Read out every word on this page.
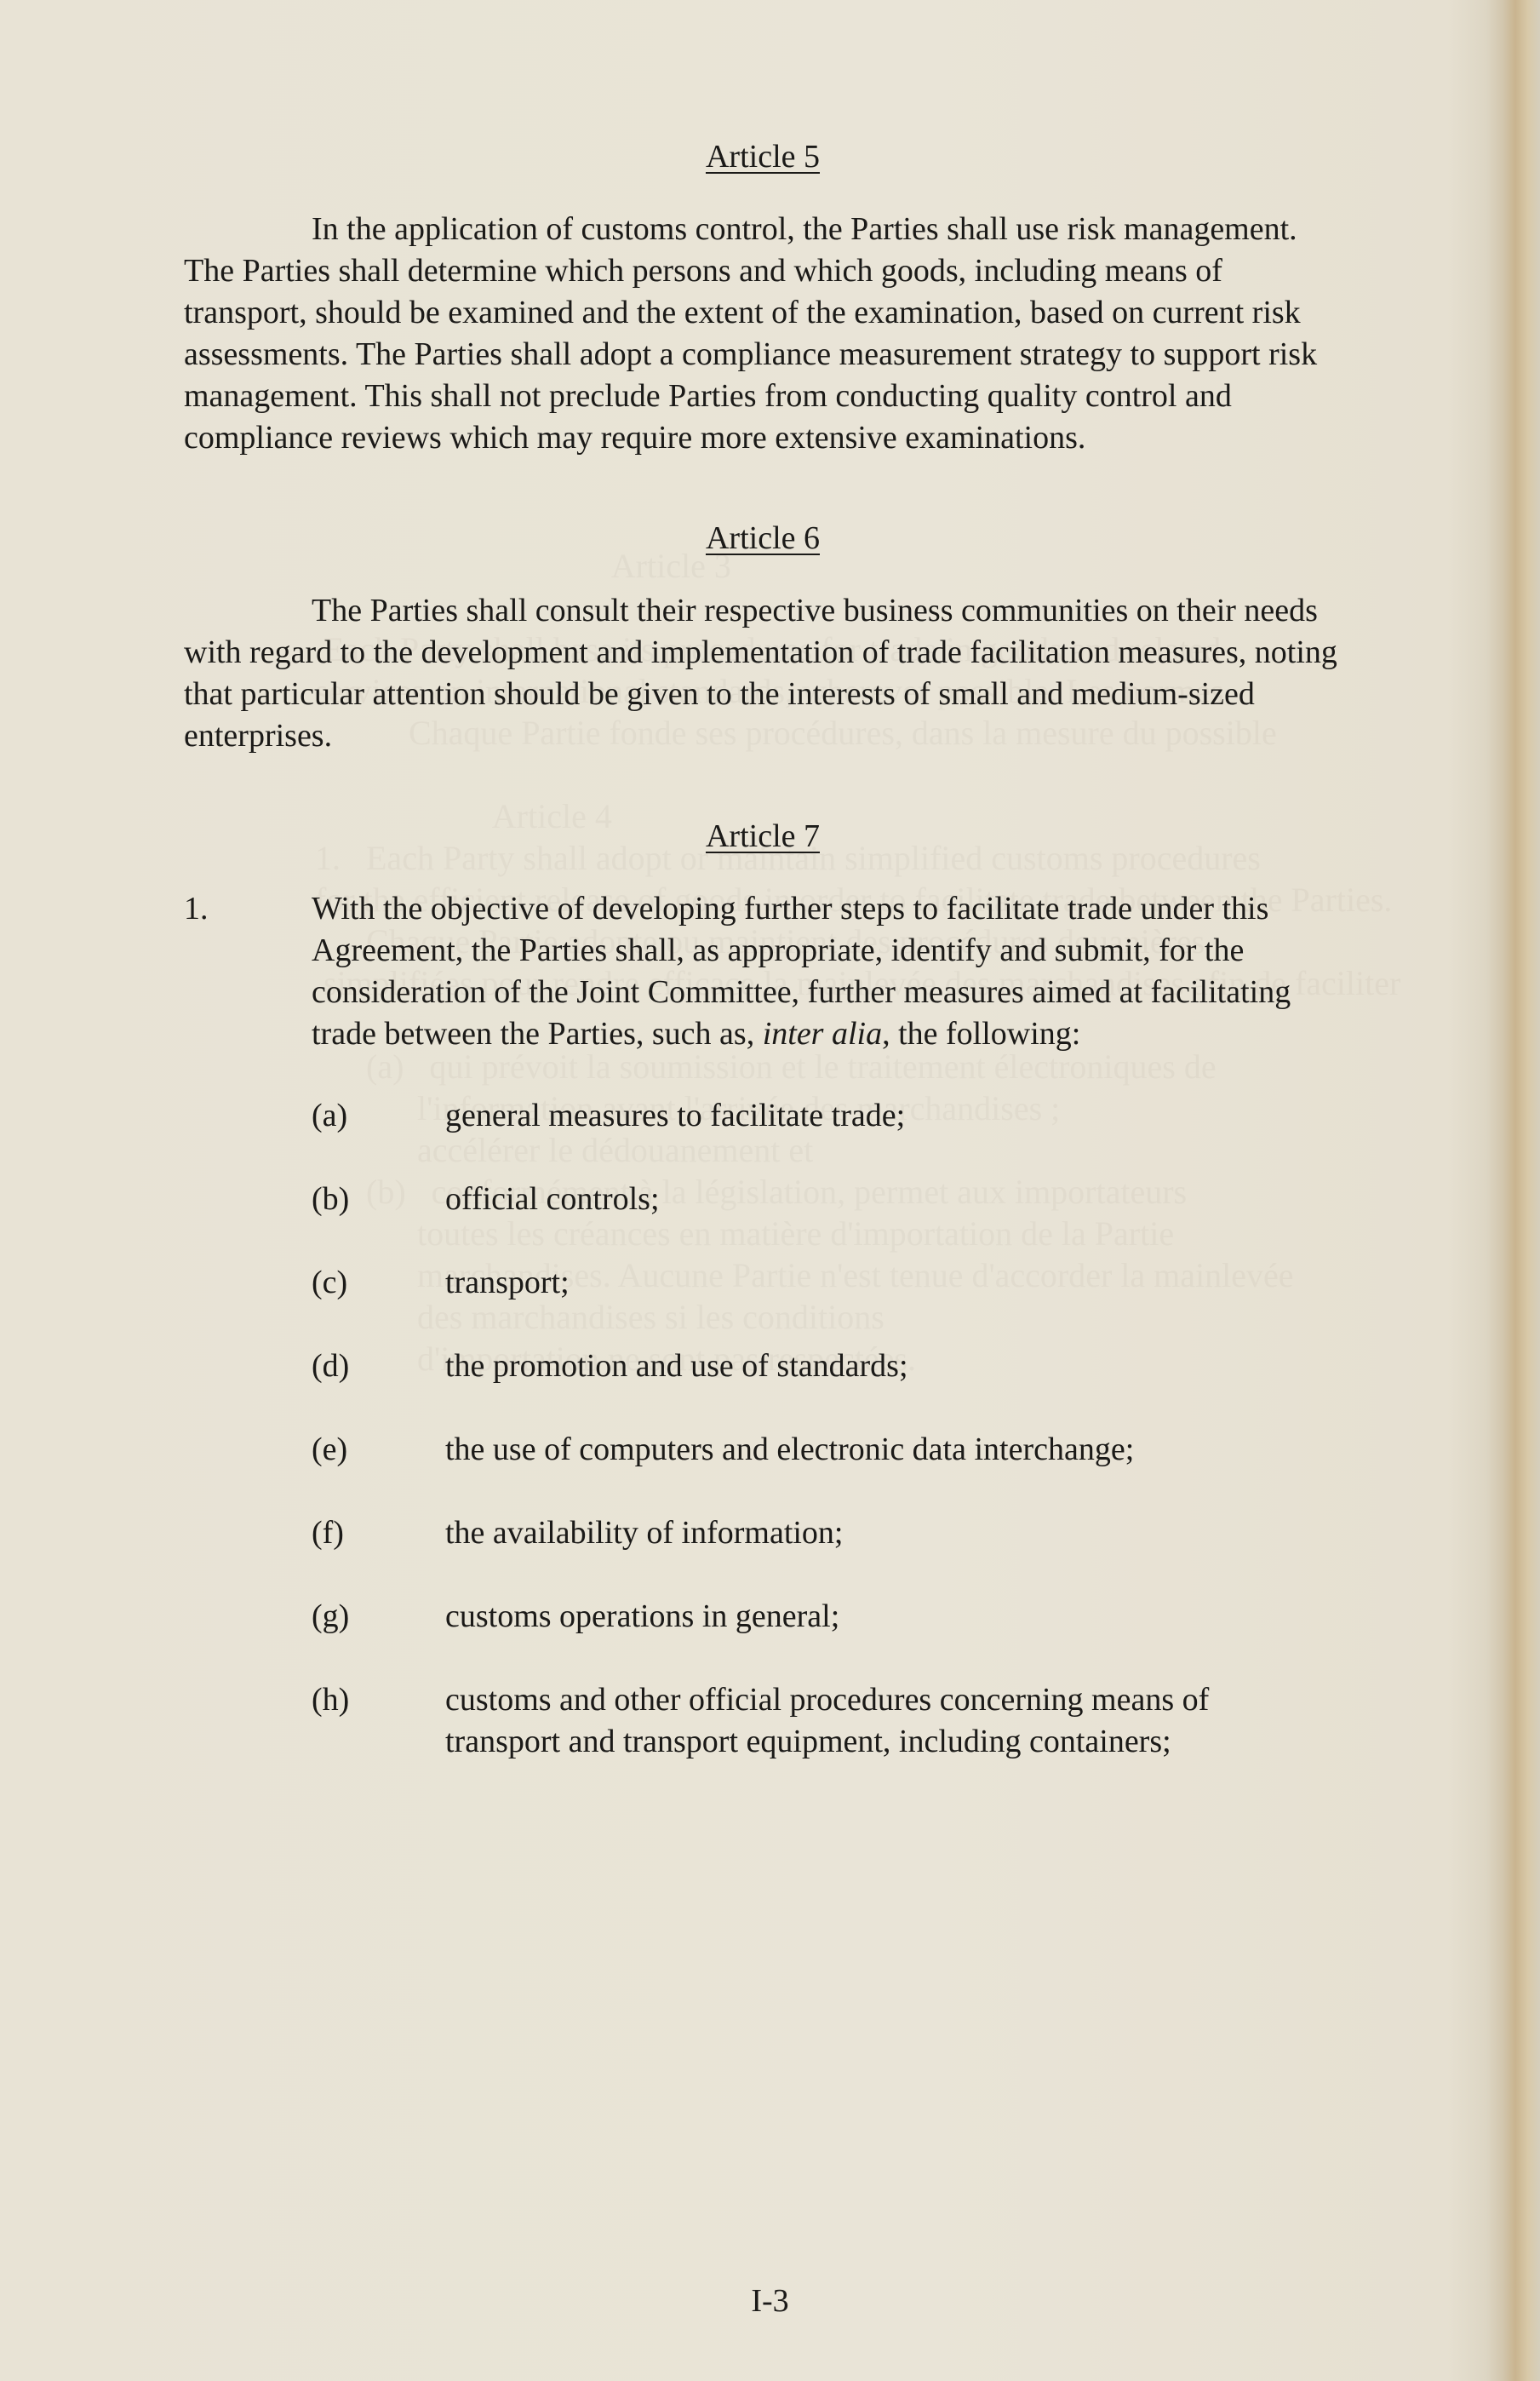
Article 5

In the application of customs control, the Parties shall use risk management. The Parties shall determine which persons and which goods, including means of transport, should be examined and the extent of the examination, based on current risk assessments. The Parties shall adopt a compliance measurement strategy to support risk management. This shall not preclude Parties from conducting quality control and compliance reviews which may require more extensive examinations.

Article 6

The Parties shall consult their respective business communities on their needs with regard to the development and implementation of trade facilitation measures, noting that particular attention should be given to the interests of small and medium-sized enterprises.

Article 7
1.	With the objective of developing further steps to facilitate trade under this Agreement, the Parties shall, as appropriate, identify and submit, for the consideration of the Joint Committee, further measures aimed at facilitating trade between the Parties, such as, inter alia, the following:
(a)	general measures to facilitate trade;
(b)	official controls;
(c)	transport;
(d)	the promotion and use of standards;
(e)	the use of computers and electronic data interchange;
(f)	the availability of information;
(g)	customs operations in general;
(h)	customs and other official procedures concerning means of transport and transport equipment, including containers;

I-3
